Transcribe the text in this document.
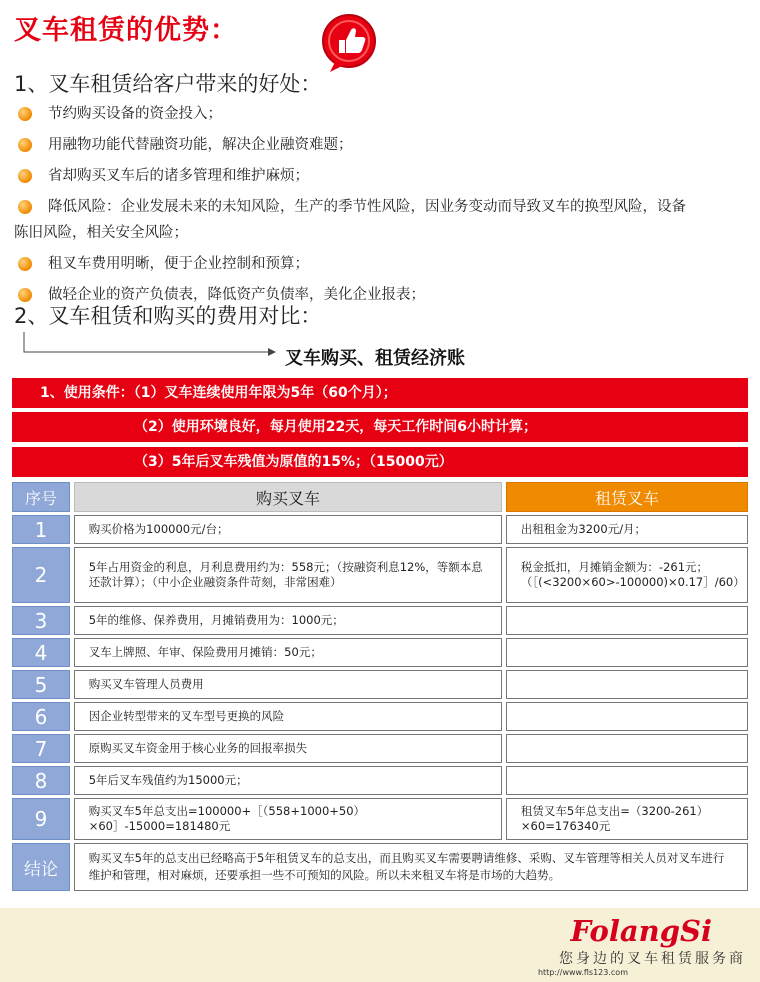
叉车租赁的优势：
1、叉车租赁给客户带来的好处：
节约购买设备的资金投入；
用融物功能代替融资功能，解决企业融资难题；
省却购买叉车后的诸多管理和维护麻烦；
降低风险：企业发展未来的未知风险，生产的季节性风险，因业务变动而导致叉车的换型风险，设备
陈旧风险，相关安全风险；
租叉车费用明晰，便于企业控制和预算；
做轻企业的资产负债表，降低资产负债率，美化企业报表；
2、叉车租赁和购买的费用对比：
叉车购买、租赁经济账
1、使用条件：（1）叉车连续使用年限为5年（60个月）；
（2）使用环境良好，每月使用22天，每天工作时间6小时计算；
（3）5年后叉车残值为原值的15%；（15000元）
序号		购买叉车		租赁叉车
1		购买价格为100000元/台；		出租租金为3200元/月；
2		5年占用资金的利息，月利息费用约为：558元；（按融资利息12%，等额本息还款计算）；（中小企业融资条件苛刻，非常困难）		税金抵扣，月摊销金额为：-261元；（［(<3200×60>-100000)×0.17］/60）
3		5年的维修、保养费用，月摊销费用为：1000元；		
4		叉车上牌照、年审、保险费用月摊销：50元；		
5		购买叉车管理人员费用		
6		因企业转型带来的叉车型号更换的风险		
7		原购买叉车资金用于核心业务的回报率损失		
8		5年后叉车残值约为15000元；		
9		购买叉车5年总支出=100000+［（558+1000+50）×60］-15000=181480元		租赁叉车5年总支出=（3200-261）×60=176340元
结论		购买叉车5年的总支出已经略高于5年租赁叉车的总支出，而且购买叉车需要聘请维修、采购、叉车管理等相关人员对叉车进行维护和管理，相对麻烦，还要承担一些不可预知的风险。所以未来租叉车将是市场的大趋势。		
FolangSi
您身边的叉车租赁服务商
http://www.fls123.com
